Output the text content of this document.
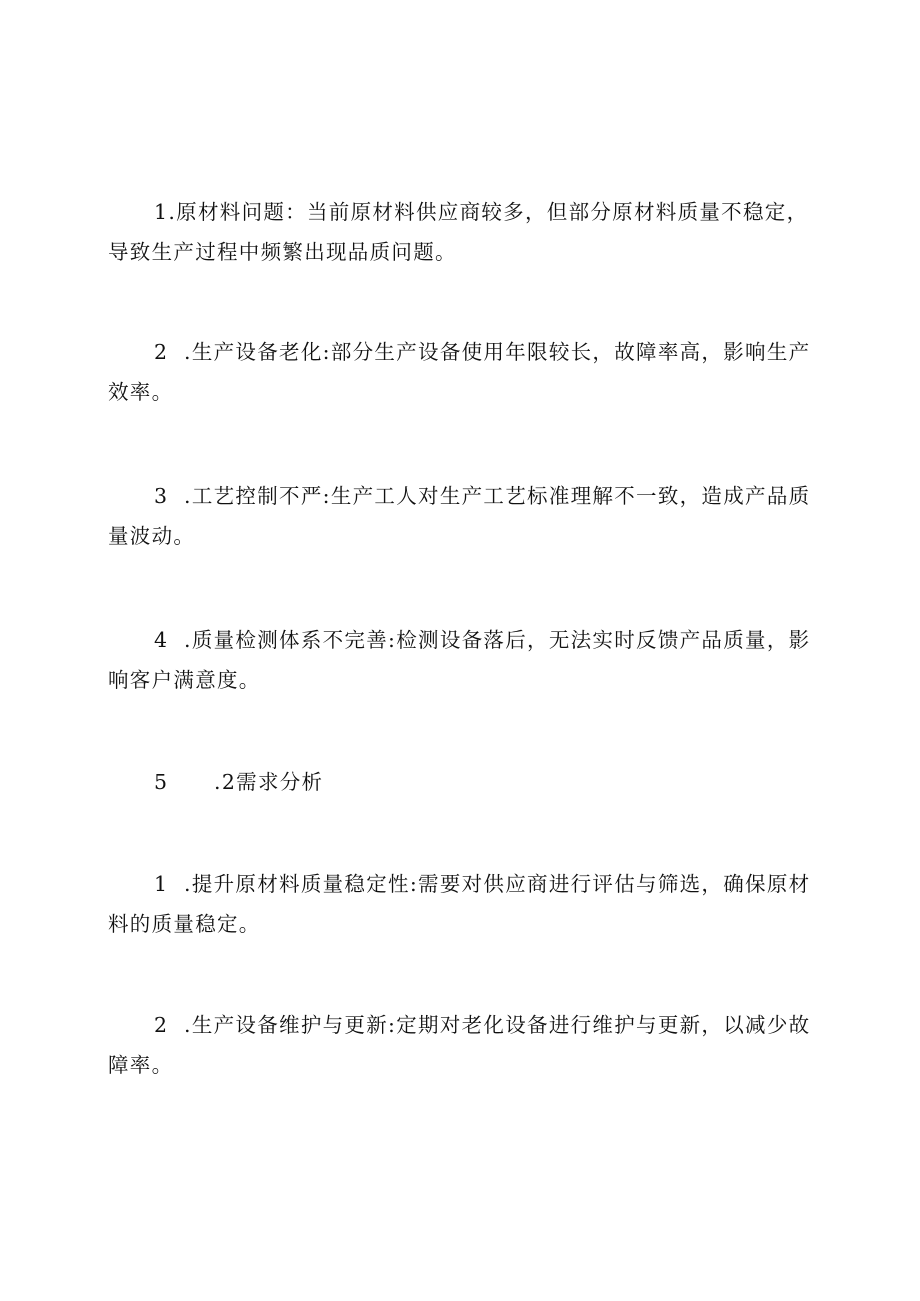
1.原材料问题：当前原材料供应商较多，但部分原材料质量不稳定，
导致生产过程中频繁出现品质问题。

2 .生产设备老化:部分生产设备使用年限较长，故障率高，影响生产
效率。

3 .工艺控制不严:生产工人对生产工艺标准理解不一致，造成产品质
量波动。

4 .质量检测体系不完善:检测设备落后，无法实时反馈产品质量，影
响客户满意度。

5 .2需求分析

1 .提升原材料质量稳定性:需要对供应商进行评估与筛选，确保原材
料的质量稳定。

2 .生产设备维护与更新:定期对老化设备进行维护与更新，以减少故
障率。
